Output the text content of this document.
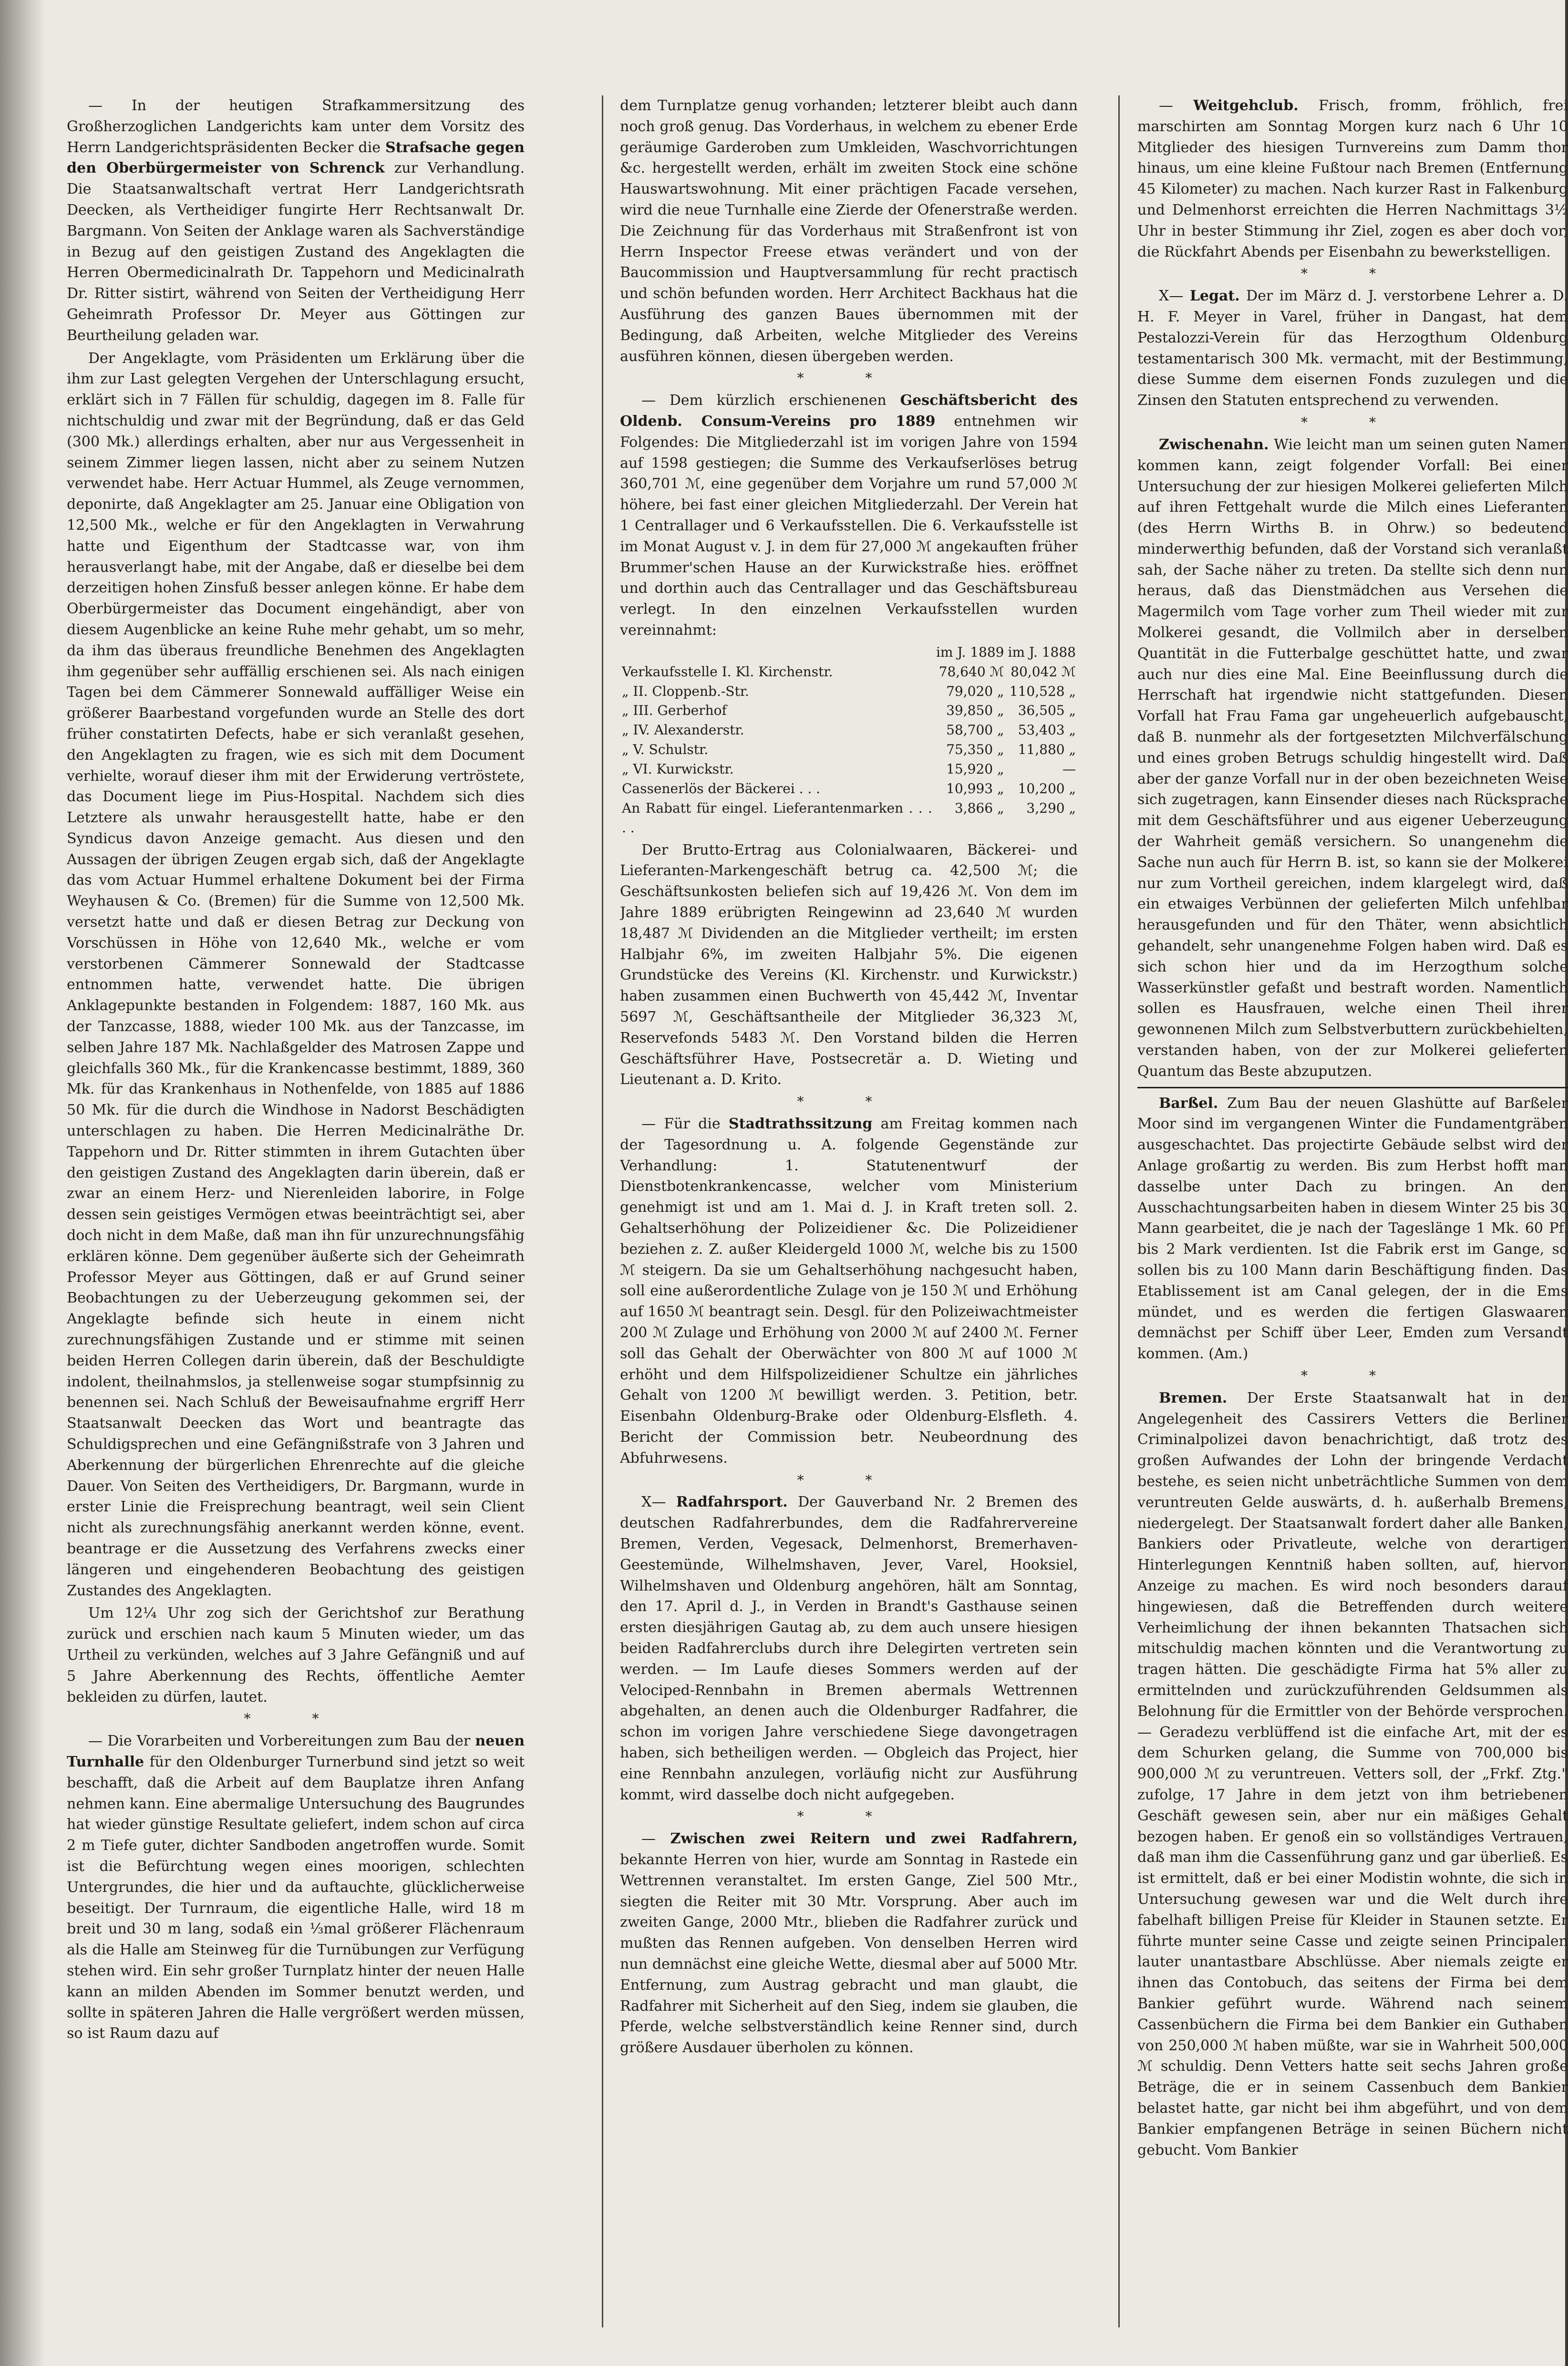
— In der heutigen Strafkammersitzung des Großherzoglichen Landgerichts kam unter dem Vorsitz des Herrn Landgerichtspräsidenten Becker die Strafsache gegen den Oberbürgermeister von Schrenck zur Verhandlung. Die Staatsanwaltschaft vertrat Herr Landgerichtsrath Deecken, als Vertheidiger fungirte Herr Rechtsanwalt Dr. Bargmann. Von Seiten der Anklage waren als Sachverständige in Bezug auf den geistigen Zustand des Angeklagten die Herren Obermedicinalrath Dr. Tappehorn und Medicinalrath Dr. Ritter sistirt, während von Seiten der Vertheidigung Herr Geheimrath Professor Dr. Meyer aus Göttingen zur Beurtheilung geladen war.

Der Angeklagte, vom Präsidenten um Erklärung über die ihm zur Last gelegten Vergehen der Unterschlagung ersucht, erklärt sich in 7 Fällen für schuldig, dagegen im 8. Falle für nichtschuldig und zwar mit der Begründung, daß er das Geld (300 Mk.) allerdings erhalten, aber nur aus Vergessenheit in seinem Zimmer liegen lassen, nicht aber zu seinem Nutzen verwendet habe. Herr Actuar Hummel, als Zeuge vernommen, deponirte, daß Angeklagter am 25. Januar eine Obligation von 12,500 Mk., welche er für den Angeklagten in Verwahrung hatte und Eigenthum der Stadtcasse war, von ihm herausverlangt habe, mit der Angabe, daß er dieselbe bei dem derzeitigen hohen Zinsfuß besser anlegen könne. Er habe dem Oberbürgermeister das Document eingehändigt, aber von diesem Augenblicke an keine Ruhe mehr gehabt, um so mehr, da ihm das überaus freundliche Benehmen des Angeklagten ihm gegenüber sehr auffällig erschienen sei. Als nach einigen Tagen bei dem Cämmerer Sonnewald auffälliger Weise ein größerer Baarbestand vorgefunden wurde an Stelle des dort früher constatirten Defects, habe er sich veranlaßt gesehen, den Angeklagten zu fragen, wie es sich mit dem Document verhielte, worauf dieser ihm mit der Erwiderung vertröstete, das Document liege im Pius-Hospital. Nachdem sich dies Letztere als unwahr herausgestellt hatte, habe er den Syndicus davon Anzeige gemacht. Aus diesen und den Aussagen der übrigen Zeugen ergab sich, daß der Angeklagte das vom Actuar Hummel erhaltene Dokument bei der Firma Weyhausen & Co. (Bremen) für die Summe von 12,500 Mk. versetzt hatte und daß er diesen Betrag zur Deckung von Vorschüssen in Höhe von 12,640 Mk., welche er vom verstorbenen Cämmerer Sonnewald der Stadtcasse entnommen hatte, verwendet hatte. Die übrigen Anklagepunkte bestanden in Folgendem: 1887, 160 Mk. aus der Tanzcasse, 1888, wieder 100 Mk. aus der Tanzcasse, im selben Jahre 187 Mk. Nachlaßgelder des Matrosen Zappe und gleichfalls 360 Mk., für die Krankencasse bestimmt, 1889, 360 Mk. für das Krankenhaus in Nothenfelde, von 1885 auf 1886 50 Mk. für die durch die Windhose in Nadorst Beschädigten unterschlagen zu haben. Die Herren Medicinalräthe Dr. Tappehorn und Dr. Ritter stimmten in ihrem Gutachten über den geistigen Zustand des Angeklagten darin überein, daß er zwar an einem Herz- und Nierenleiden laborire, in Folge dessen sein geistiges Vermögen etwas beeinträchtigt sei, aber doch nicht in dem Maße, daß man ihn für unzurechnungsfähig erklären könne. Dem gegenüber äußerte sich der Geheimrath Professor Meyer aus Göttingen, daß er auf Grund seiner Beobachtungen zu der Ueberzeugung gekommen sei, der Angeklagte befinde sich heute in einem nicht zurechnungsfähigen Zustande und er stimme mit seinen beiden Herren Collegen darin überein, daß der Beschuldigte indolent, theilnahmslos, ja stellenweise sogar stumpfsinnig zu benennen sei. Nach Schluß der Beweisaufnahme ergriff Herr Staatsanwalt Deecken das Wort und beantragte das Schuldigsprechen und eine Gefängnißstrafe von 3 Jahren und Aberkennung der bürgerlichen Ehrenrechte auf die gleiche Dauer. Von Seiten des Vertheidigers, Dr. Bargmann, wurde in erster Linie die Freisprechung beantragt, weil sein Client nicht als zurechnungsfähig anerkannt werden könne, event. beantrage er die Aussetzung des Verfahrens zwecks einer längeren und eingehenderen Beobachtung des geistigen Zustandes des Angeklagten.

Um 12¼ Uhr zog sich der Gerichtshof zur Berathung zurück und erschien nach kaum 5 Minuten wieder, um das Urtheil zu verkünden, welches auf 3 Jahre Gefängniß und auf 5 Jahre Aberkennung des Rechts, öffentliche Aemter bekleiden zu dürfen, lautet.

* *

— Die Vorarbeiten und Vorbereitungen zum Bau der neuen Turnhalle für den Oldenburger Turnerbund sind jetzt so weit beschafft, daß die Arbeit auf dem Bauplatze ihren Anfang nehmen kann. Eine abermalige Untersuchung des Baugrundes hat wieder günstige Resultate geliefert, indem schon auf circa 2 m Tiefe guter, dichter Sandboden angetroffen wurde. Somit ist die Befürchtung wegen eines moorigen, schlechten Untergrundes, die hier und da auftauchte, glücklicherweise beseitigt. Der Turnraum, die eigentliche Halle, wird 18 m breit und 30 m lang, sodaß ein ⅓mal größerer Flächenraum als die Halle am Steinweg für die Turnübungen zur Verfügung stehen wird. Ein sehr großer Turnplatz hinter der neuen Halle kann an milden Abenden im Sommer benutzt werden, und sollte in späteren Jahren die Halle vergrößert werden müssen, so ist Raum dazu auf

dem Turnplatze genug vorhanden; letzterer bleibt auch dann noch groß genug. Das Vorderhaus, in welchem zu ebener Erde geräumige Garderoben zum Umkleiden, Waschvorrichtungen &c. hergestellt werden, erhält im zweiten Stock eine schöne Hauswartswohnung. Mit einer prächtigen Facade versehen, wird die neue Turnhalle eine Zierde der Ofenerstraße werden. Die Zeichnung für das Vorderhaus mit Straßenfront ist von Herrn Inspector Freese etwas verändert und von der Baucommission und Hauptversammlung für recht practisch und schön befunden worden. Herr Architect Backhaus hat die Ausführung des ganzen Baues übernommen mit der Bedingung, daß Arbeiten, welche Mitglieder des Vereins ausführen können, diesen übergeben werden.

* *

— Dem kürzlich erschienenen Geschäftsbericht des Oldenb. Consum-Vereins pro 1889 entnehmen wir Folgendes: Die Mitgliederzahl ist im vorigen Jahre von 1594 auf 1598 gestiegen; die Summe des Verkaufserlöses betrug 360,701 ℳ, eine gegenüber dem Vorjahre um rund 57,000 ℳ höhere, bei fast einer gleichen Mitgliederzahl. Der Verein hat 1 Centrallager und 6 Verkaufsstellen. Die 6. Verkaufsstelle ist im Monat August v. J. in dem für 27,000 ℳ angekauften früher Brummer'schen Hause an der Kurwickstraße hies. eröffnet und dorthin auch das Centrallager und das Geschäftsbureau verlegt. In den einzelnen Verkaufsstellen wurden vereinnahmt:

	im J. 1889	im J. 1888
Verkaufsstelle I. Kl. Kirchenstr.	78,640 ℳ	80,042 ℳ
„ II. Cloppenb.-Str.	79,020 „	110,528 „
„ III. Gerberhof	39,850 „	36,505 „
„ IV. Alexanderstr.	58,700 „	53,403 „
„ V. Schulstr.	75,350 „	11,880 „
„ VI. Kurwickstr.	15,920 „	—
Cassenerlös der Bäckerei . . .	10,993 „	10,200 „
An Rabatt für eingel. Lieferantenmarken . . . . .	3,866 „	3,290 „

Der Brutto-Ertrag aus Colonialwaaren, Bäckerei- und Lieferanten-Markengeschäft betrug ca. 42,500 ℳ; die Geschäftsunkosten beliefen sich auf 19,426 ℳ. Von dem im Jahre 1889 erübrigten Reingewinn ad 23,640 ℳ wurden 18,487 ℳ Dividenden an die Mitglieder vertheilt; im ersten Halbjahr 6%, im zweiten Halbjahr 5%. Die eigenen Grundstücke des Vereins (Kl. Kirchenstr. und Kurwickstr.) haben zusammen einen Buchwerth von 45,442 ℳ, Inventar 5697 ℳ, Geschäftsantheile der Mitglieder 36,323 ℳ, Reservefonds 5483 ℳ. Den Vorstand bilden die Herren Geschäftsführer Have, Postsecretär a. D. Wieting und Lieutenant a. D. Krito.

* *

— Für die Stadtrathssitzung am Freitag kommen nach der Tagesordnung u. A. folgende Gegenstände zur Verhandlung: 1. Statutenentwurf der Dienstbotenkrankencasse, welcher vom Ministerium genehmigt ist und am 1. Mai d. J. in Kraft treten soll. 2. Gehaltserhöhung der Polizeidiener &c. Die Polizeidiener beziehen z. Z. außer Kleidergeld 1000 ℳ, welche bis zu 1500 ℳ steigern. Da sie um Gehaltserhöhung nachgesucht haben, soll eine außerordentliche Zulage von je 150 ℳ und Erhöhung auf 1650 ℳ beantragt sein. Desgl. für den Polizeiwachtmeister 200 ℳ Zulage und Erhöhung von 2000 ℳ auf 2400 ℳ. Ferner soll das Gehalt der Oberwächter von 800 ℳ auf 1000 ℳ erhöht und dem Hilfspolizeidiener Schultze ein jährliches Gehalt von 1200 ℳ bewilligt werden. 3. Petition, betr. Eisenbahn Oldenburg-Brake oder Oldenburg-Elsfleth. 4. Bericht der Commission betr. Neubeordnung des Abfuhrwesens.

* *

X— Radfahrsport. Der Gauverband Nr. 2 Bremen des deutschen Radfahrerbundes, dem die Radfahrervereine Bremen, Verden, Vegesack, Delmenhorst, Bremerhaven-Geestemünde, Wilhelmshaven, Jever, Varel, Hooksiel, Wilhelmshaven und Oldenburg angehören, hält am Sonntag, den 17. April d. J., in Verden in Brandt's Gasthause seinen ersten diesjährigen Gautag ab, zu dem auch unsere hiesigen beiden Radfahrerclubs durch ihre Delegirten vertreten sein werden. — Im Laufe dieses Sommers werden auf der Velociped-Rennbahn in Bremen abermals Wettrennen abgehalten, an denen auch die Oldenburger Radfahrer, die schon im vorigen Jahre verschiedene Siege davongetragen haben, sich betheiligen werden. — Obgleich das Project, hier eine Rennbahn anzulegen, vorläufig nicht zur Ausführung kommt, wird dasselbe doch nicht aufgegeben.

* *

— Zwischen zwei Reitern und zwei Radfahrern, bekannte Herren von hier, wurde am Sonntag in Rastede ein Wettrennen veranstaltet. Im ersten Gange, Ziel 500 Mtr., siegten die Reiter mit 30 Mtr. Vorsprung. Aber auch im zweiten Gange, 2000 Mtr., blieben die Radfahrer zurück und mußten das Rennen aufgeben. Von denselben Herren wird nun demnächst eine gleiche Wette, diesmal aber auf 5000 Mtr. Entfernung, zum Austrag gebracht und man glaubt, die Radfahrer mit Sicherheit auf den Sieg, indem sie glauben, die Pferde, welche selbstverständlich keine Renner sind, durch größere Ausdauer überholen zu können.

— Weitgehclub. Frisch, fromm, fröhlich, frei marschirten am Sonntag Morgen kurz nach 6 Uhr 10 Mitglieder des hiesigen Turnvereins zum Damm thor hinaus, um eine kleine Fußtour nach Bremen (Entfernung 45 Kilometer) zu machen. Nach kurzer Rast in Falkenburg und Delmenhorst erreichten die Herren Nachmittags 3½ Uhr in bester Stimmung ihr Ziel, zogen es aber doch vor, die Rückfahrt Abends per Eisenbahn zu bewerkstelligen.

* *

X— Legat. Der im März d. J. verstorbene Lehrer a. D. H. F. Meyer in Varel, früher in Dangast, hat dem Pestalozzi-Verein für das Herzogthum Oldenburg testamentarisch 300 Mk. vermacht, mit der Bestimmung, diese Summe dem eisernen Fonds zuzulegen und die Zinsen den Statuten entsprechend zu verwenden.

* *

Zwischenahn. Wie leicht man um seinen guten Namen kommen kann, zeigt folgender Vorfall: Bei einer Untersuchung der zur hiesigen Molkerei gelieferten Milch auf ihren Fettgehalt wurde die Milch eines Lieferanten (des Herrn Wirths B. in Ohrw.) so bedeutend minderwerthig befunden, daß der Vorstand sich veranlaßt sah, der Sache näher zu treten. Da stellte sich denn nun heraus, daß das Dienstmädchen aus Versehen die Magermilch vom Tage vorher zum Theil wieder mit zur Molkerei gesandt, die Vollmilch aber in derselben Quantität in die Futterbalge geschüttet hatte, und zwar auch nur dies eine Mal. Eine Beeinflussung durch die Herrschaft hat irgendwie nicht stattgefunden. Diesen Vorfall hat Frau Fama gar ungeheuerlich aufgebauscht, daß B. nunmehr als der fortgesetzten Milchverfälschung und eines groben Betrugs schuldig hingestellt wird. Daß aber der ganze Vorfall nur in der oben bezeichneten Weise sich zugetragen, kann Einsender dieses nach Rücksprache mit dem Geschäftsführer und aus eigener Ueberzeugung der Wahrheit gemäß versichern. So unangenehm die Sache nun auch für Herrn B. ist, so kann sie der Molkerei nur zum Vortheil gereichen, indem klargelegt wird, daß ein etwaiges Verbünnen der gelieferten Milch unfehlbar herausgefunden und für den Thäter, wenn absichtlich gehandelt, sehr unangenehme Folgen haben wird. Daß es sich schon hier und da im Herzogthum solche Wasserkünstler gefaßt und bestraft worden. Namentlich sollen es Hausfrauen, welche einen Theil ihrer gewonnenen Milch zum Selbstverbuttern zurückbehielten, verstanden haben, von der zur Molkerei gelieferten Quantum das Beste abzuputzen.

Barßel. Zum Bau der neuen Glashütte auf Barßeler Moor sind im vergangenen Winter die Fundamentgräben ausgeschachtet. Das projectirte Gebäude selbst wird der Anlage großartig zu werden. Bis zum Herbst hofft man dasselbe unter Dach zu bringen. An den Ausschachtungsarbeiten haben in diesem Winter 25 bis 30 Mann gearbeitet, die je nach der Tageslänge 1 Mk. 60 Pf. bis 2 Mark verdienten. Ist die Fabrik erst im Gange, so sollen bis zu 100 Mann darin Beschäftigung finden. Das Etablissement ist am Canal gelegen, der in die Ems mündet, und es werden die fertigen Glaswaaren demnächst per Schiff über Leer, Emden zum Versandt kommen. (Am.)

* *

Bremen. Der Erste Staatsanwalt hat in der Angelegenheit des Cassirers Vetters die Berliner Criminalpolizei davon benachrichtigt, daß trotz des großen Aufwandes der Lohn der bringende Verdacht bestehe, es seien nicht unbeträchtliche Summen von dem veruntreuten Gelde auswärts, d. h. außerhalb Bremens, niedergelegt. Der Staatsanwalt fordert daher alle Banken, Bankiers oder Privatleute, welche von derartigen Hinterlegungen Kenntniß haben sollten, auf, hiervon Anzeige zu machen. Es wird noch besonders darauf hingewiesen, daß die Betreffenden durch weitere Verheimlichung der ihnen bekannten Thatsachen sich mitschuldig machen könnten und die Verantwortung zu tragen hätten. Die geschädigte Firma hat 5% aller zu ermittelnden und zurückzuführenden Geldsummen als Belohnung für die Ermittler von der Behörde versprochen. — Geradezu verblüffend ist die einfache Art, mit der es dem Schurken gelang, die Summe von 700,000 bis 900,000 ℳ zu veruntreuen. Vetters soll, der „Frkf. Ztg." zufolge, 17 Jahre in dem jetzt von ihm betriebenen Geschäft gewesen sein, aber nur ein mäßiges Gehalt bezogen haben. Er genoß ein so vollständiges Vertrauen, daß man ihm die Cassenführung ganz und gar überließ. Es ist ermittelt, daß er bei einer Modistin wohnte, die sich in Untersuchung gewesen war und die Welt durch ihre fabelhaft billigen Preise für Kleider in Staunen setzte. Er führte munter seine Casse und zeigte seinen Principalen lauter unantastbare Abschlüsse. Aber niemals zeigte er ihnen das Contobuch, das seitens der Firma bei dem Bankier geführt wurde. Während nach seinem Cassenbüchern die Firma bei dem Bankier ein Guthaben von 250,000 ℳ haben müßte, war sie in Wahrheit 500,000 ℳ schuldig. Denn Vetters hatte seit sechs Jahren große Beträge, die er in seinem Cassenbuch dem Bankier belastet hatte, gar nicht bei ihm abgeführt, und von dem Bankier empfangenen Beträge in seinen Büchern nicht gebucht. Vom Bankier
